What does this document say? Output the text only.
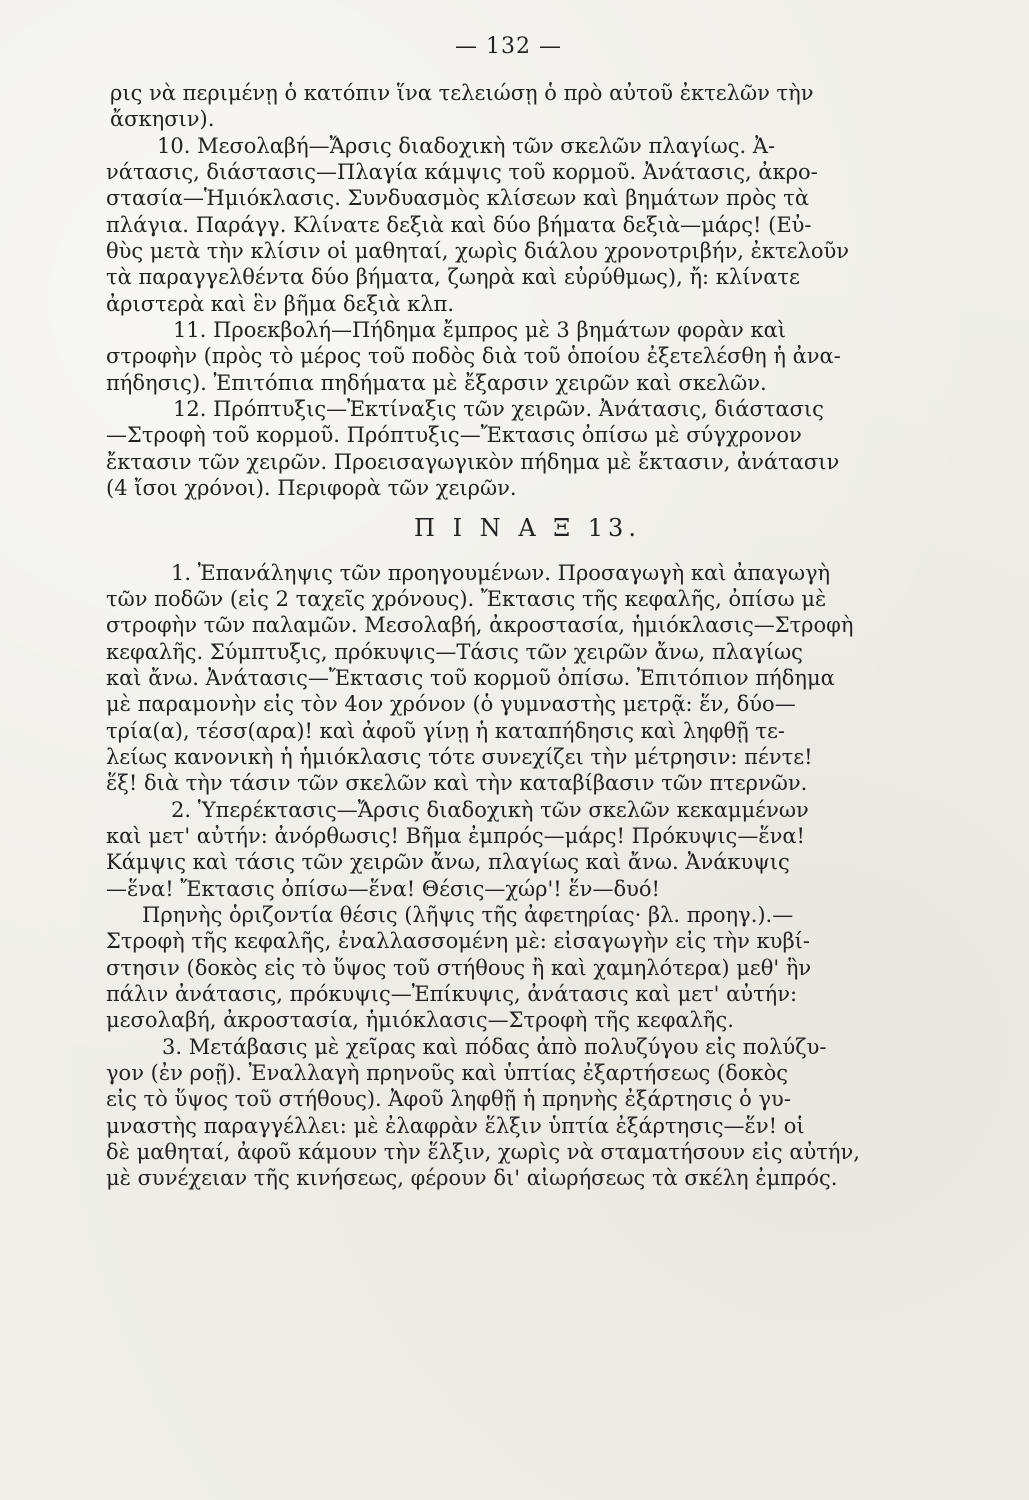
— 132 —
ρις νὰ περιμένῃ ὁ κατόπιν ἵνα τελειώσῃ ὁ πρὸ αὐτοῦ ἐκτελῶν τὴν
ἄσκησιν).
10. Μεσολαβή—Ἄρσις διαδοχικὴ τῶν σκελῶν πλαγίως. Ἀ-
νάτασις, διάστασις—Πλαγία κάμψις τοῦ κορμοῦ. Ἀνάτασις, ἀκρο-
στασία—Ἡμιόκλασις. Συνδυασμὸς κλίσεων καὶ βημάτων πρὸς τὰ
πλάγια. Παράγγ. Κλίνατε δεξιὰ καὶ δύο βήματα δεξιὰ—μάρς! (Εὐ-
θὺς μετὰ τὴν κλίσιν οἱ μαθηταί, χωρὶς διάλου χρονοτριβήν, ἐκτελοῦν
τὰ παραγγελθέντα δύο βήματα, ζωηρὰ καὶ εὐρύθμως), ἤ: κλίνατε
ἀριστερὰ καὶ ἓν βῆμα δεξιὰ κλπ.
11. Προεκβολή—Πήδημα ἔμπρος μὲ 3 βημάτων φορὰν καὶ
στροφὴν (πρὸς τὸ μέρος τοῦ ποδὸς διὰ τοῦ ὁποίου ἐξετελέσθη ἡ ἀνα-
πήδησις). Ἐπιτόπια πηδήματα μὲ ἔξαρσιν χειρῶν καὶ σκελῶν.
12. Πρόπτυξις—Ἐκτίναξις τῶν χειρῶν. Ἀνάτασις, διάστασις
—Στροφὴ τοῦ κορμοῦ. Πρόπτυξις—Ἔκτασις ὀπίσω μὲ σύγχρονον
ἔκτασιν τῶν χειρῶν. Προεισαγωγικὸν πήδημα μὲ ἔκτασιν, ἀνάτασιν
(4 ἴσοι χρόνοι). Περιφορὰ τῶν χειρῶν.
Π Ι Ν Α Ξ 13.
1. Ἐπανάληψις τῶν προηγουμένων. Προσαγωγὴ καὶ ἀπαγωγὴ
τῶν ποδῶν (εἰς 2 ταχεῖς χρόνους). Ἔκτασις τῆς κεφαλῆς, ὀπίσω μὲ
στροφὴν τῶν παλαμῶν. Μεσολαβή, ἀκροστασία, ἡμιόκλασις—Στροφὴ
κεφαλῆς. Σύμπτυξις, πρόκυψις—Τάσις τῶν χειρῶν ἄνω, πλαγίως
καὶ ἄνω. Ἀνάτασις—Ἔκτασις τοῦ κορμοῦ ὀπίσω. Ἐπιτόπιον πήδημα
μὲ παραμονὴν εἰς τὸν 4ον χρόνον (ὁ γυμναστὴς μετρᾷ: ἕν, δύο—
τρία(α), τέσσ(αρα)! καὶ ἀφοῦ γίνῃ ἡ καταπήδησις καὶ ληφθῇ τε-
λείως κανονικὴ ἡ ἡμιόκλασις τότε συνεχίζει τὴν μέτρησιν: πέντε!
ἕξ! διὰ τὴν τάσιν τῶν σκελῶν καὶ τὴν καταβίβασιν τῶν πτερνῶν.
2. Ὑπερέκτασις—Ἄρσις διαδοχικὴ τῶν σκελῶν κεκαμμένων
καὶ μετ' αὐτήν: ἀνόρθωσις! Βῆμα ἐμπρός—μάρς! Πρόκυψις—ἕνα!
Κάμψις καὶ τάσις τῶν χειρῶν ἄνω, πλαγίως καὶ ἄνω. Ἀνάκυψις
—ἕνα! Ἔκτασις ὀπίσω—ἕνα! Θέσις—χώρ'! ἕν—δυό!
Πρηνὴς ὁριζοντία θέσις (λῆψις τῆς ἀφετηρίας· βλ. προηγ.).—
Στροφὴ τῆς κεφαλῆς, ἐναλλασσομένη μὲ: εἰσαγωγὴν εἰς τὴν κυβί-
στησιν (δοκὸς εἰς τὸ ὕψος τοῦ στήθους ἢ καὶ χαμηλότερα) μεθ' ἣν
πάλιν ἀνάτασις, πρόκυψις—Ἐπίκυψις, ἀνάτασις καὶ μετ' αὐτήν:
μεσολαβή, ἀκροστασία, ἡμιόκλασις—Στροφὴ τῆς κεφαλῆς.
3. Μετάβασις μὲ χεῖρας καὶ πόδας ἀπὸ πολυζύγου εἰς πολύζυ-
γον (ἐν ροῇ). Ἐναλλαγὴ πρηνοῦς καὶ ὑπτίας ἐξαρτήσεως (δοκὸς
εἰς τὸ ὕψος τοῦ στήθους). Ἀφοῦ ληφθῇ ἡ πρηνὴς ἐξάρτησις ὁ γυ-
μναστὴς παραγγέλλει: μὲ ἐλαφρὰν ἕλξιν ὑπτία ἐξάρτησις—ἕν! οἱ
δὲ μαθηταί, ἀφοῦ κάμουν τὴν ἕλξιν, χωρὶς νὰ σταματήσουν εἰς αὐτήν,
μὲ συνέχειαν τῆς κινήσεως, φέρουν δι' αἰωρήσεως τὰ σκέλη ἐμπρός.
